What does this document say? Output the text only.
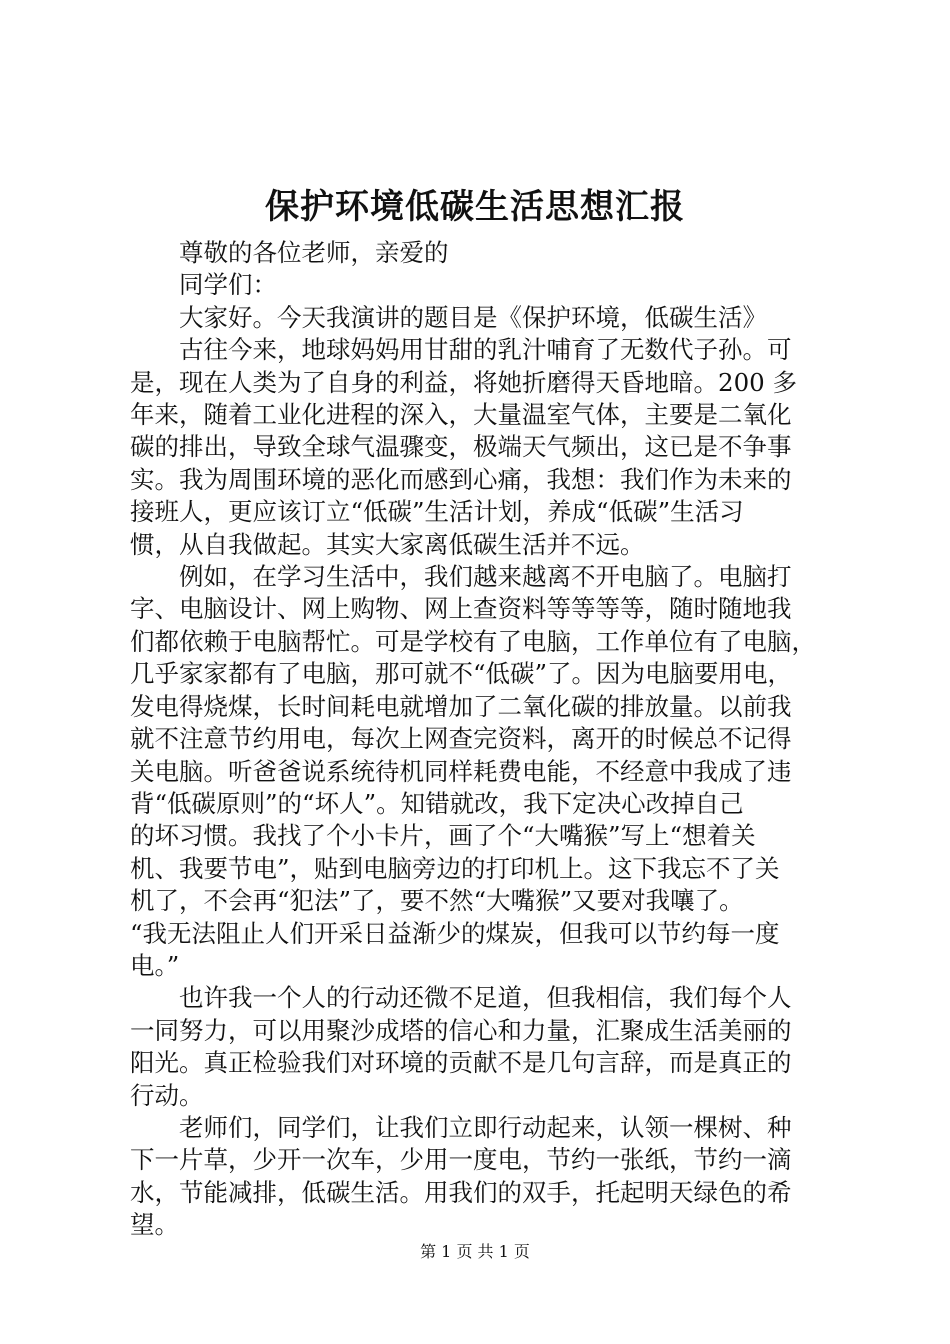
保护环境低碳生活思想汇报
尊敬的各位老师，亲爱的
同学们：
大家好。今天我演讲的题目是《保护环境，低碳生活》
古往今来，地球妈妈用甘甜的乳汁哺育了无数代子孙。可
是，现在人类为了自身的利益，将她折磨得天昏地暗。200 多
年来，随着工业化进程的深入，大量温室气体，主要是二氧化
碳的排出，导致全球气温骤变，极端天气频出，这已是不争事
实。我为周围环境的恶化而感到心痛，我想：我们作为未来的
接班人，更应该订立“低碳”生活计划，养成“低碳”生活习
惯，从自我做起。其实大家离低碳生活并不远。
例如，在学习生活中，我们越来越离不开电脑了。电脑打
字、电脑设计、网上购物、网上查资料等等等等，随时随地我
们都依赖于电脑帮忙。可是学校有了电脑，工作单位有了电脑，
几乎家家都有了电脑，那可就不“低碳”了。因为电脑要用电，
发电得烧煤，长时间耗电就增加了二氧化碳的排放量。以前我
就不注意节约用电，每次上网查完资料，离开的时候总不记得
关电脑。听爸爸说系统待机同样耗费电能，不经意中我成了违
背“低碳原则”的“坏人”。知错就改，我下定决心改掉自己
的坏习惯。我找了个小卡片，画了个“大嘴猴”写上“想着关
机、我要节电”，贴到电脑旁边的打印机上。这下我忘不了关
机了，不会再“犯法”了，要不然“大嘴猴”又要对我嚷了。
“我无法阻止人们开采日益渐少的煤炭，但我可以节约每一度
电。”
也许我一个人的行动还微不足道，但我相信，我们每个人
一同努力，可以用聚沙成塔的信心和力量，汇聚成生活美丽的
阳光。真正检验我们对环境的贡献不是几句言辞，而是真正的
行动。
老师们，同学们，让我们立即行动起来，认领一棵树、种
下一片草，少开一次车，少用一度电，节约一张纸，节约一滴
水，节能减排，低碳生活。用我们的双手，托起明天绿色的希
望。
第 1 页 共 1 页
